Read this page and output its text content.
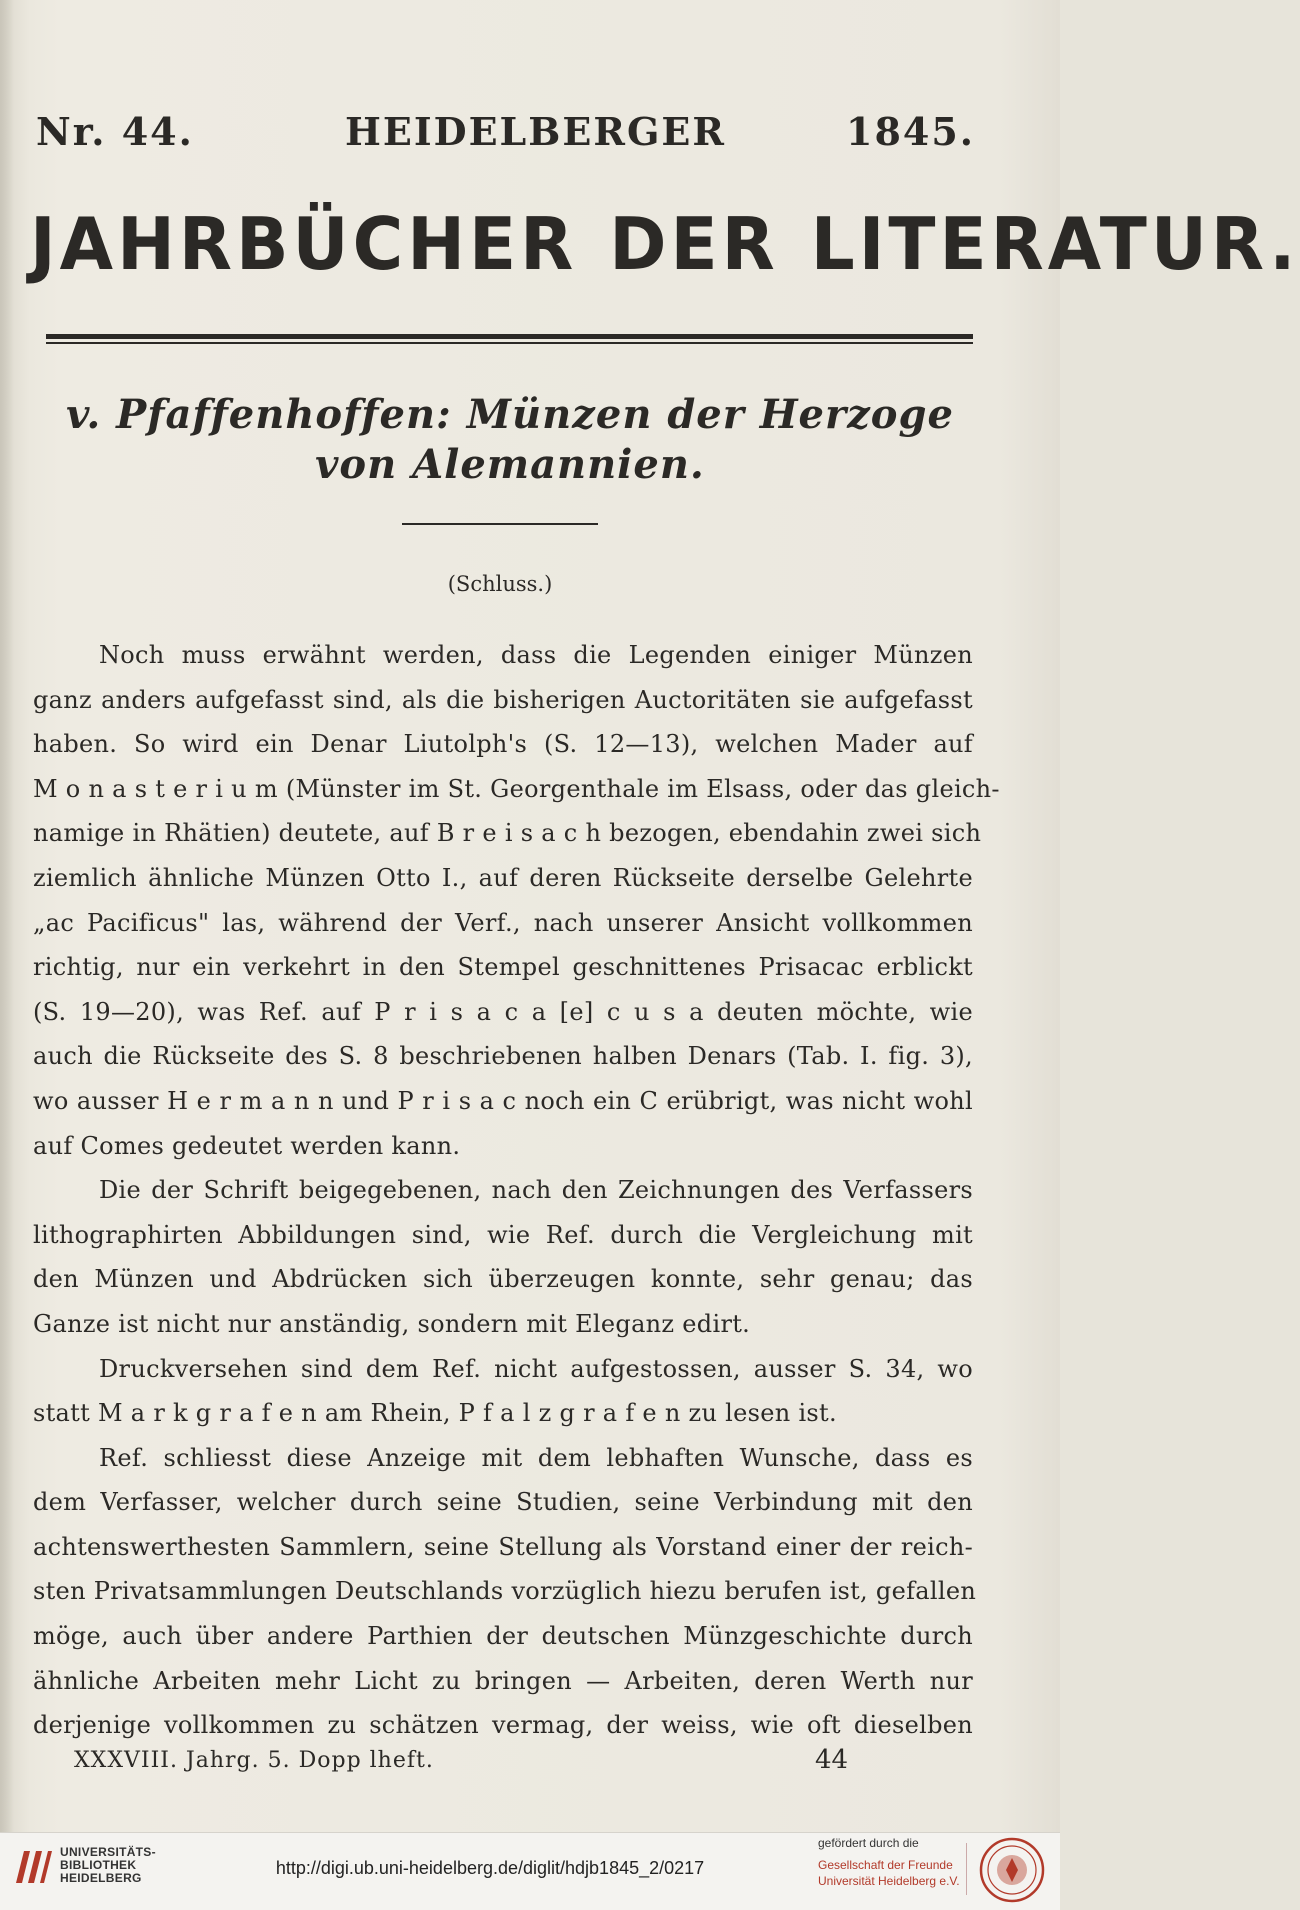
Nr. 44.	HEIDELBERGER	1845.
JAHRBÜCHER DER LITERATUR.
v. Pfaffenhoffen: Münzen der Herzoge
von Alemannien.
(Schluss.)
Noch muss erwähnt werden, dass die Legenden einiger Münzen
ganz anders aufgefasst sind, als die bisherigen Auctoritäten sie aufgefasst
haben. So wird ein Denar Liutolph's (S. 12—13), welchen Mader auf
M o n a s t e r i u m (Münster im St. Georgenthale im Elsass, oder das gleich-
namige in Rhätien) deutete, auf B r e i s a c h bezogen, ebendahin zwei sich
ziemlich ähnliche Münzen Otto I., auf deren Rückseite derselbe Gelehrte
„ac Pacificus" las, während der Verf., nach unserer Ansicht vollkommen
richtig, nur ein verkehrt in den Stempel geschnittenes Prisacac erblickt
(S. 19—20), was Ref. auf P r i s a c a [e] c u s a deuten möchte, wie
auch die Rückseite des S. 8 beschriebenen halben Denars (Tab. I. fig. 3),
wo ausser H e r m a n n und P r i s a c noch ein C erübrigt, was nicht wohl
auf Comes gedeutet werden kann.
Die der Schrift beigegebenen, nach den Zeichnungen des Verfassers
lithographirten Abbildungen sind, wie Ref. durch die Vergleichung mit
den Münzen und Abdrücken sich überzeugen konnte, sehr genau; das
Ganze ist nicht nur anständig, sondern mit Eleganz edirt.
Druckversehen sind dem Ref. nicht aufgestossen, ausser S. 34, wo
statt M a r k g r a f e n am Rhein, P f a l z g r a f e n zu lesen ist.
Ref. schliesst diese Anzeige mit dem lebhaften Wunsche, dass es
dem Verfasser, welcher durch seine Studien, seine Verbindung mit den
achtenswerthesten Sammlern, seine Stellung als Vorstand einer der reich-
sten Privatsammlungen Deutschlands vorzüglich hiezu berufen ist, gefallen
möge, auch über andere Parthien der deutschen Münzgeschichte durch
ähnliche Arbeiten mehr Licht zu bringen — Arbeiten, deren Werth nur
derjenige vollkommen zu schätzen vermag, der weiss, wie oft dieselben
XXXVIII. Jahrg. 5. Dopp lheft.	44
UNIVERSITÄTS-
BIBLIOTHEK
HEIDELBERG	http://digi.ub.uni-heidelberg.de/diglit/hdjb1845_2/0217
gefördert durch die
Gesellschaft der Freunde
Universität Heidelberg e.V.
